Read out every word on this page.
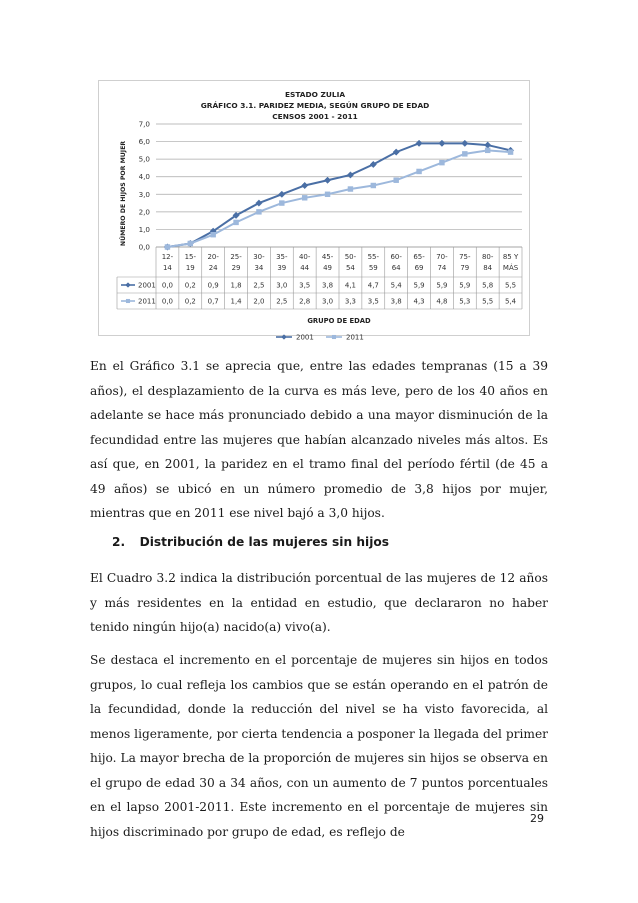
ESTADO ZULIA
GRÁFICO 3.1. PARIDEZ MEDIA, SEGÚN GRUPO DE EDAD
CENSOS 2001 - 2011
0,0
1,0
2,0
3,0
4,0
5,0
6,0
7,0
NÚMERO DE HIJOS POR MUJER
12-
14
15-
19
20-
24
25-
29
30-
34
35-
39
40-
44
45-
49
50-
54
55-
59
60-
64
65-
69
70-
74
75-
79
80-
84
85 Y
MÁS
2001 0,0 0,2 0,9 1,8 2,5 3,0 3,5 3,8 4,1 4,7 5,4 5,9 5,9 5,9 5,8 5,5
2011 0,0 0,2 0,7 1,4 2,0 2,5 2,8 3,0 3,3 3,5 3,8 4,3 4,8 5,3 5,5 5,4
GRUPO DE EDAD
2001	2011

En el Gráfico 3.1 se aprecia que, entre las edades tempranas (15 a 39 años), el desplazamiento de la curva es más leve, pero de los 40 años en adelante se hace más pronunciado debido a una mayor disminución de la fecundidad entre las mujeres que habían alcanzado niveles más altos. Es así que, en 2001, la paridez en el tramo final del período fértil (de 45 a 49 años) se ubicó en un número promedio de 3,8 hijos por mujer, mientras que en 2011 ese nivel bajó a 3,0 hijos.

2. Distribución de las mujeres sin hijos

El Cuadro 3.2 indica la distribución porcentual de las mujeres de 12 años y más residentes en la entidad en estudio, que declararon no haber tenido ningún hijo(a) nacido(a) vivo(a).

Se destaca el incremento en el porcentaje de mujeres sin hijos en todos grupos, lo cual refleja los cambios que se están operando en el patrón de la fecundidad, donde la reducción del nivel se ha visto favorecida, al menos ligeramente, por cierta tendencia a posponer la llegada del primer hijo. La mayor brecha de la proporción de mujeres sin hijos se observa en el grupo de edad 30 a 34 años, con un aumento de 7 puntos porcentuales en el lapso 2001-2011. Este incremento en el porcentaje de mujeres sin hijos discriminado por grupo de edad, es reflejo de

29
